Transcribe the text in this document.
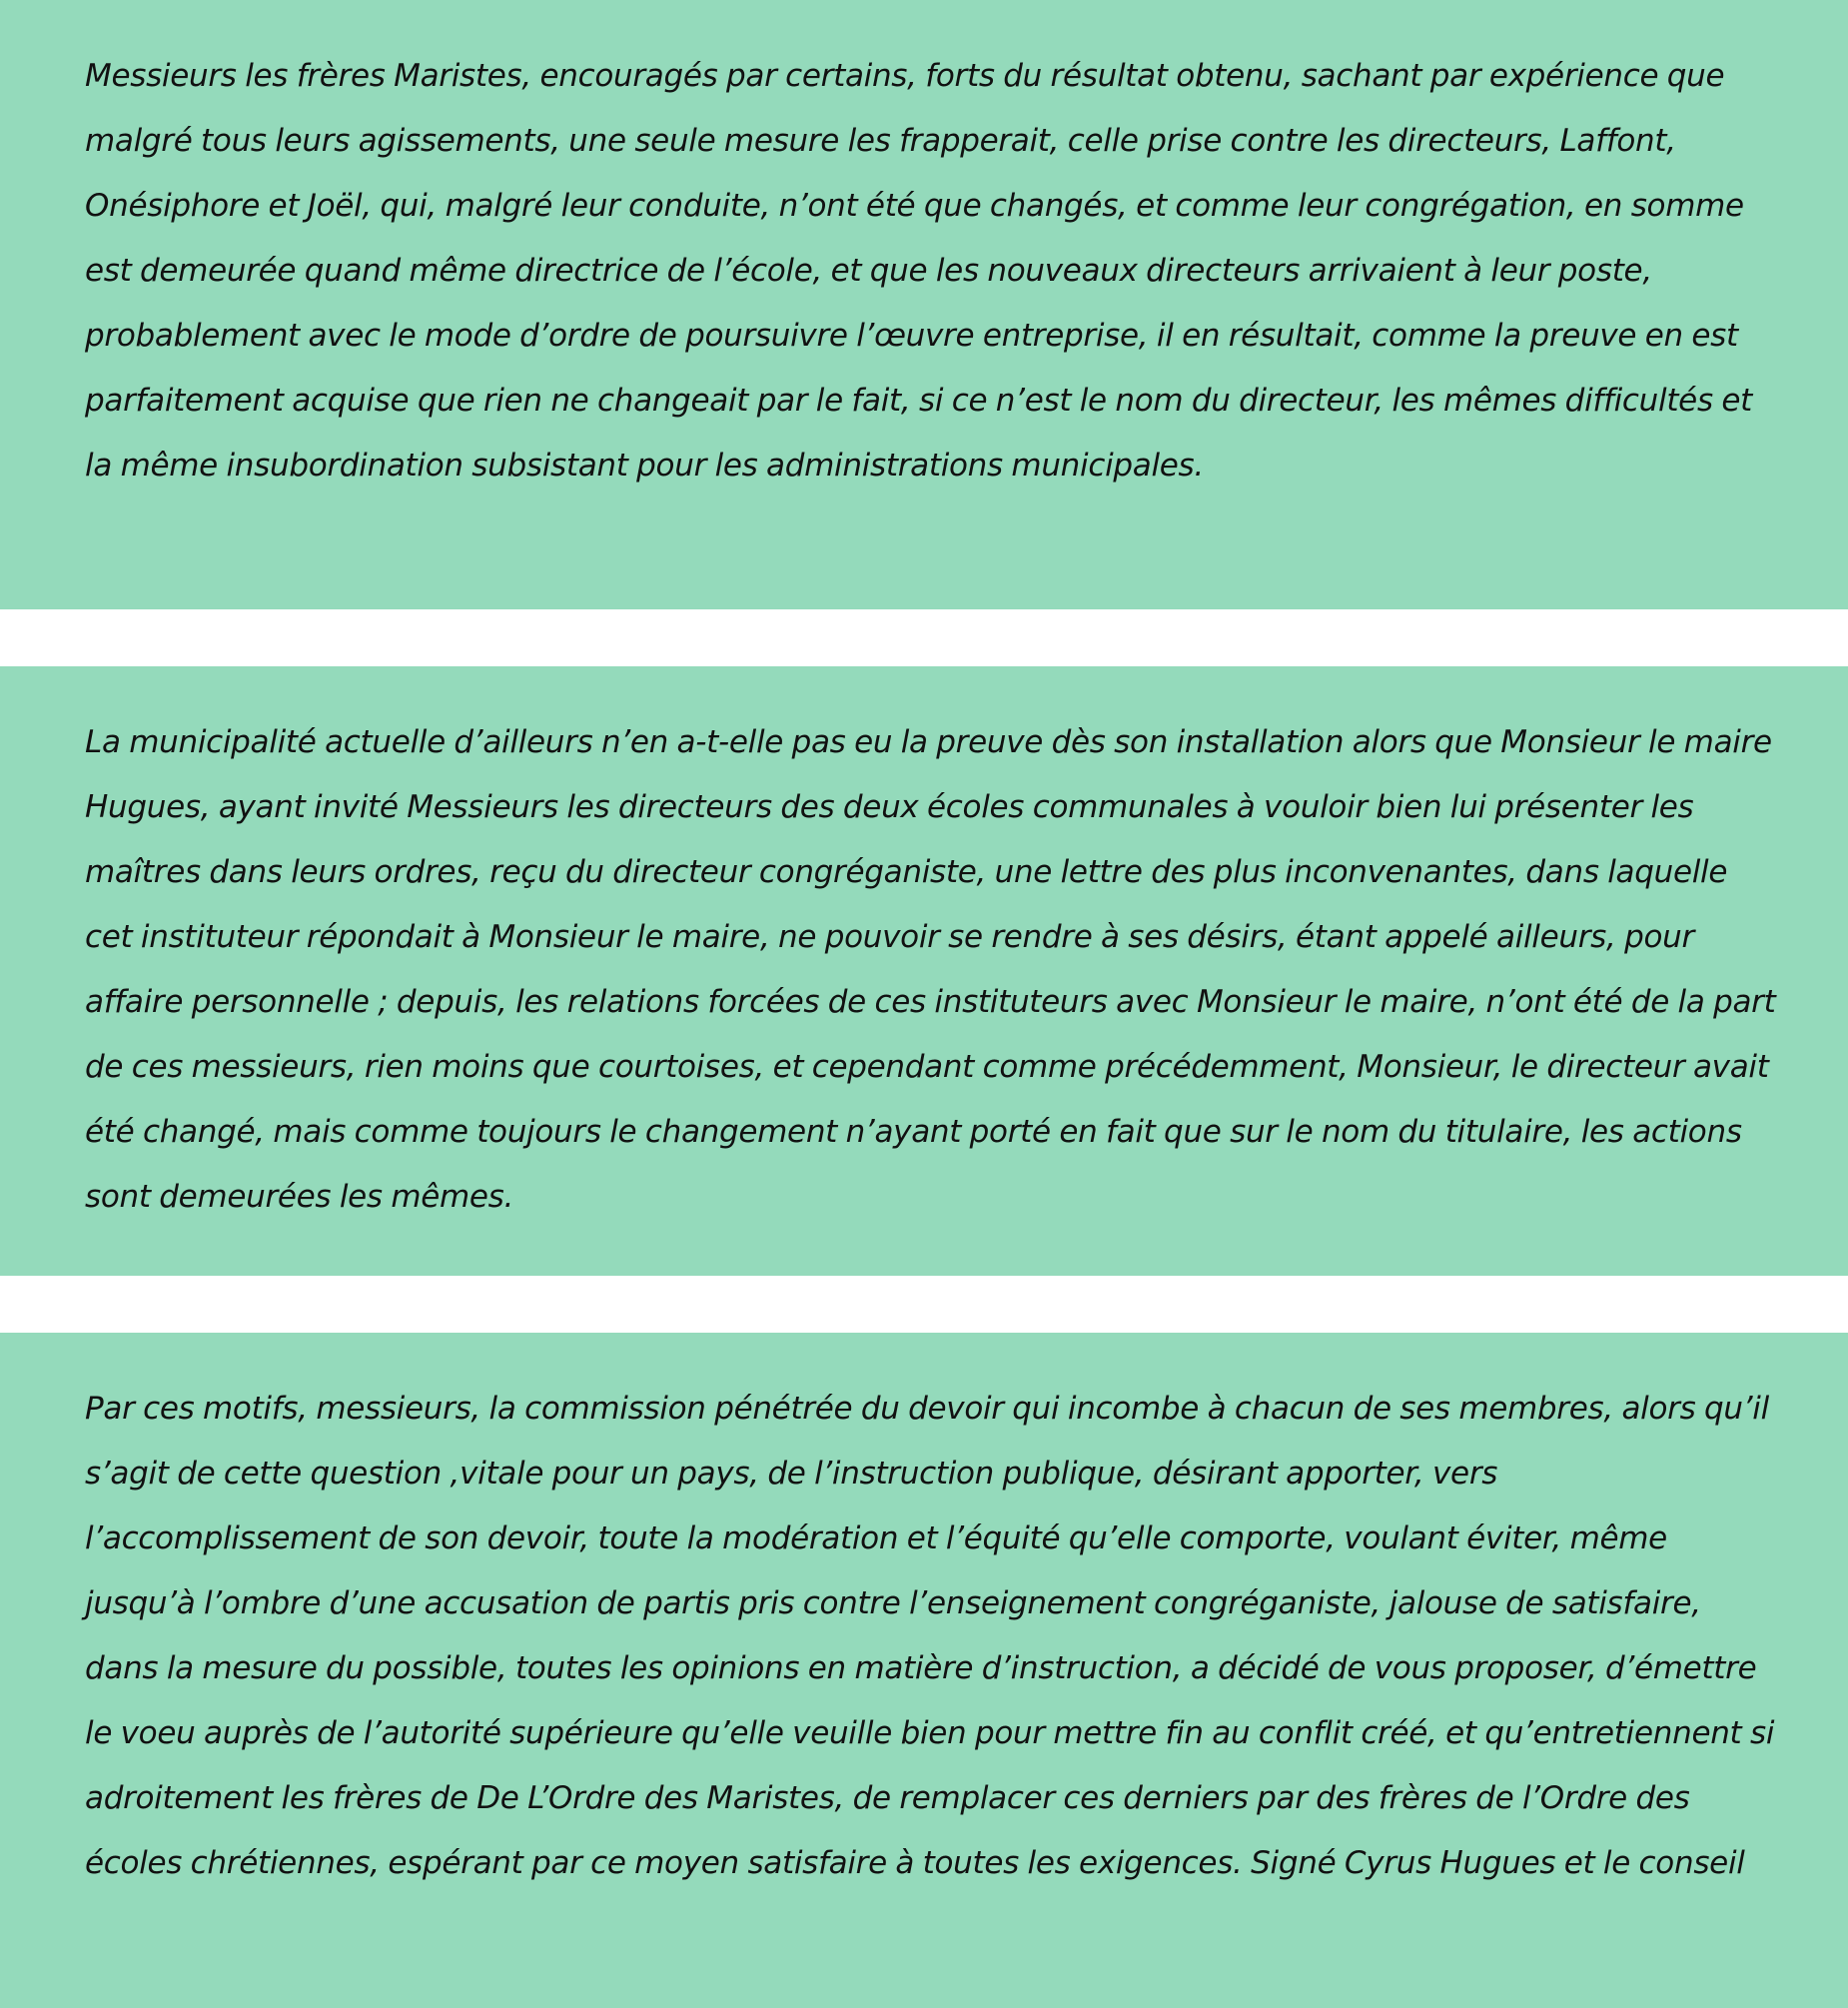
Messieurs les frères Maristes, encouragés par certains, forts du résultat obtenu, sachant par expérience que malgré tous leurs agissements, une seule mesure les frapperait, celle prise contre les directeurs, Laffont, Onésiphore et Joël, qui, malgré leur conduite, n’ont été que changés, et comme leur congrégation, en somme est demeurée quand même directrice de l’école, et que les nouveaux directeurs arrivaient à leur poste, probablement avec le mode d’ordre de poursuivre l’œuvre entreprise, il en résultait, comme la preuve en est parfaitement acquise que rien ne changeait par le fait, si ce n’est le nom du directeur, les mêmes difficultés et la même insubordination subsistant pour les administrations municipales.

La municipalité actuelle d’ailleurs n’en a-t-elle pas eu la preuve dès son installation alors que Monsieur le maire Hugues, ayant invité Messieurs les directeurs des deux écoles communales à vouloir bien lui présenter les maîtres dans leurs ordres, reçu du directeur congréganiste, une lettre des plus inconvenantes, dans laquelle cet instituteur répondait à Monsieur le maire, ne pouvoir se rendre à ses désirs, étant appelé ailleurs, pour affaire personnelle ; depuis, les relations forcées de ces instituteurs avec Monsieur le maire, n’ont été de la part de ces messieurs, rien moins que courtoises, et cependant comme précédemment, Monsieur, le directeur avait été changé, mais comme toujours le changement n’ayant porté en fait que sur le nom du titulaire, les actions sont demeurées les mêmes.

Par ces motifs, messieurs, la commission pénétrée du devoir qui incombe à chacun de ses membres, alors qu’il s’agit de cette question ,vitale pour un pays, de l’instruction publique, désirant apporter, vers l’accomplissement de son devoir, toute la modération et l’équité qu’elle comporte, voulant éviter, même jusqu’à l’ombre d’une accusation de partis pris contre l’enseignement congréganiste, jalouse de satisfaire, dans la mesure du possible, toutes les opinions en matière d’instruction, a décidé de vous proposer, d’émettre le voeu auprès de l’autorité supérieure qu’elle veuille bien pour mettre fin au conflit créé, et qu’entretiennent si adroitement les frères de De L’Ordre des Maristes, de remplacer ces derniers par des frères de l’Ordre des écoles chrétiennes, espérant par ce moyen satisfaire à toutes les exigences. Signé Cyrus Hugues et le conseil
